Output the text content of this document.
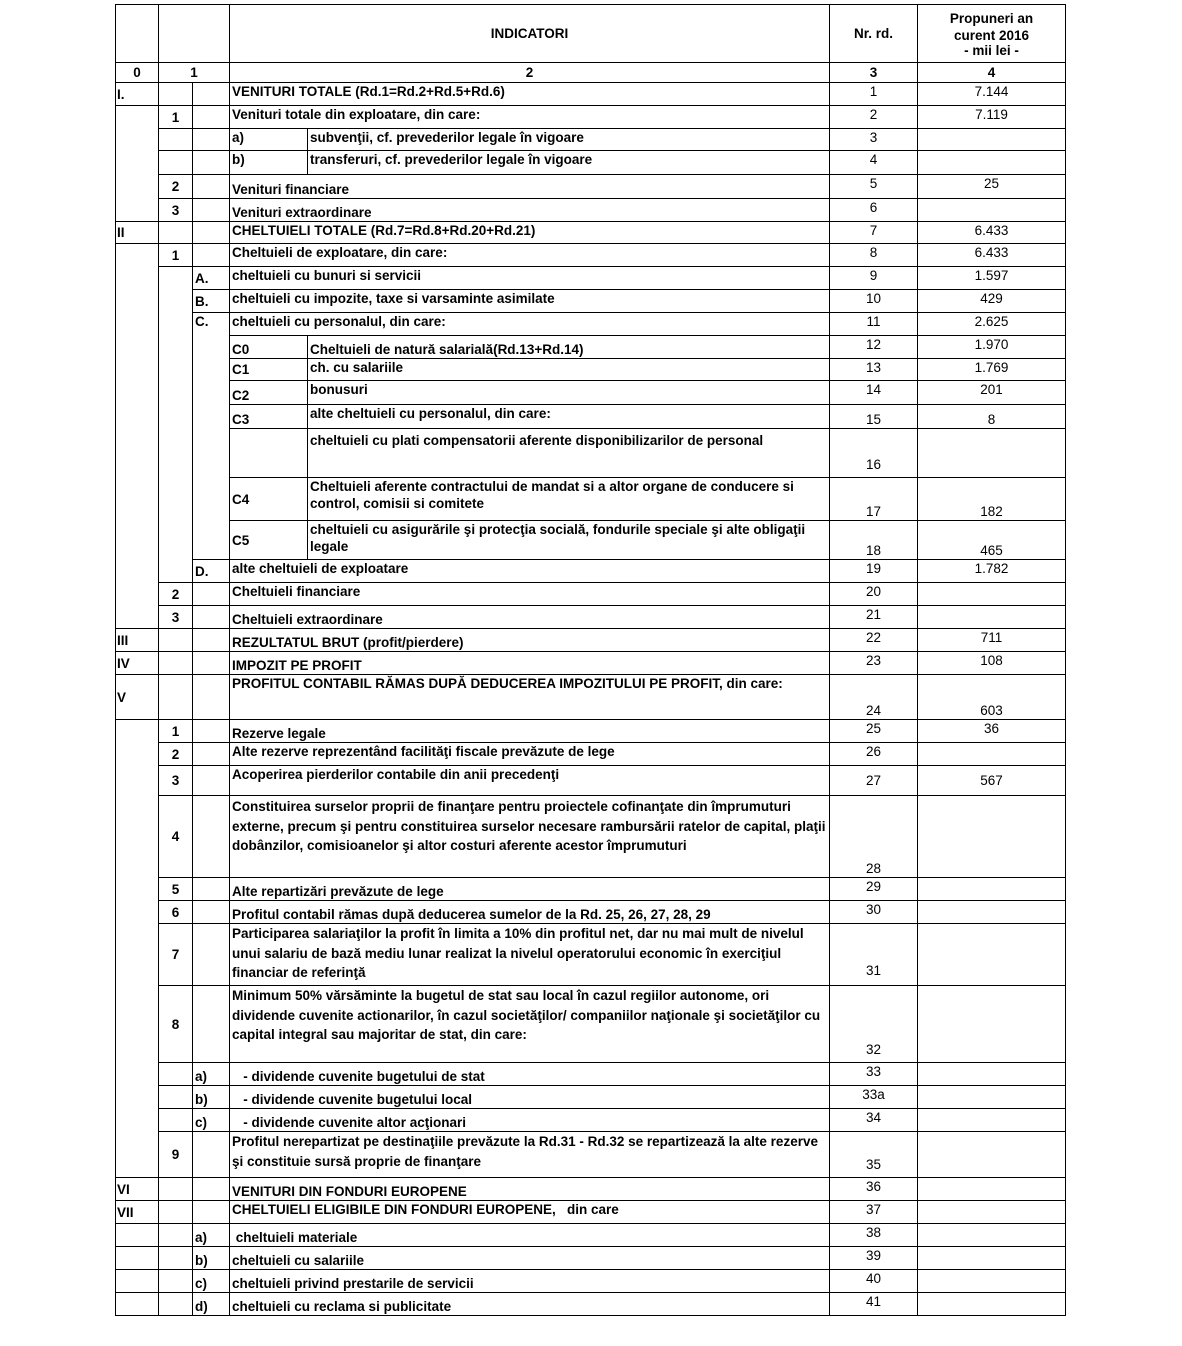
			INDICATORI		Nr. rd.	Propuneri an
curent 2016
- mii lei -

0	1		2		3	4
I.			VENITURI TOTALE (Rd.1=Rd.2+Rd.5+Rd.6)		1	7.144
	1		Venituri totale din exploatare, din care:		2	7.119
			a)	subvenţii, cf. prevederilor legale în vigoare	3	
			b)	transferuri, cf. prevederilor legale în vigoare	4	
	2		Venituri financiare		5	25
	3		Venituri extraordinare		6	
II			CHELTUIELI TOTALE (Rd.7=Rd.8+Rd.20+Rd.21)		7	6.433
	1		Cheltuieli de exploatare, din care:		8	6.433
		A.	cheltuieli cu bunuri si servicii		9	1.597
		B.	cheltuieli cu impozite, taxe si varsaminte asimilate		10	429
		C.	cheltuieli cu personalul, din care:		11	2.625
			C0	Cheltuieli de natură salarială(Rd.13+Rd.14)	12	1.970
			C1	ch. cu salariile	13	1.769
			C2	bonusuri	14	201
			C3	alte cheltuieli cu personalul, din care:	15	8
				cheltuieli cu plati compensatorii aferente disponibilizarilor de personal	16	
			C4	Cheltuieli aferente contractului de mandat si a altor organe de conducere si control, comisii si comitete	17	182
			C5	cheltuieli cu asigurările şi protecţia socială, fondurile speciale şi alte obligaţii legale	18	465
		D.	alte cheltuieli de exploatare		19	1.782
	2		Cheltuieli financiare		20	
	3		Cheltuieli extraordinare		21	
III			REZULTATUL BRUT (profit/pierdere)		22	711
IV			IMPOZIT PE PROFIT		23	108
V			PROFITUL CONTABIL RĂMAS DUPĂ DEDUCEREA IMPOZITULUI PE PROFIT, din care:		24	603
	1		Rezerve legale		25	36
	2		Alte rezerve reprezentând facilităţi fiscale prevăzute de lege		26	
	3		Acoperirea pierderilor contabile din anii precedenţi		27	567
	4		Constituirea surselor proprii de finanţare pentru proiectele cofinanţate din împrumuturi externe, precum şi pentru constituirea surselor necesare rambursării ratelor de capital, plaţii dobânzilor, comisioanelor şi altor costuri aferente acestor împrumuturi		28	
	5		Alte repartizări prevăzute de lege		29	
	6		Profitul contabil rămas după deducerea sumelor de la Rd. 25, 26, 27, 28, 29		30	
	7		Participarea salariaţilor la profit în limita a 10% din profitul net, dar nu mai mult de nivelul unui salariu de bază mediu lunar realizat la nivelul operatorului economic în exerciţiul financiar de referinţă		31	
	8		Minimum 50% vărsăminte la bugetul de stat sau local în cazul regiilor autonome, ori dividende cuvenite actionarilor, în cazul societăţilor/ companiilor naţionale şi societăţilor cu capital integral sau majoritar de stat, din care:		32	
		a)	- dividende cuvenite bugetului de stat		33	
		b)	- dividende cuvenite bugetului local		33a	
		c)	- dividende cuvenite altor acţionari		34	
	9		Profitul nerepartizat pe destinaţiile prevăzute la Rd.31 - Rd.32 se repartizează la alte rezerve şi constituie sursă proprie de finanţare		35	
VI			VENITURI DIN FONDURI EUROPENE		36	
VII			CHELTUIELI ELIGIBILE DIN FONDURI EUROPENE,   din care		37	
		a)	cheltuieli materiale		38	
		b)	cheltuieli cu salariile		39	
		c)	cheltuieli privind prestarile de servicii		40	
		d)	cheltuieli cu reclama si publicitate		41	
